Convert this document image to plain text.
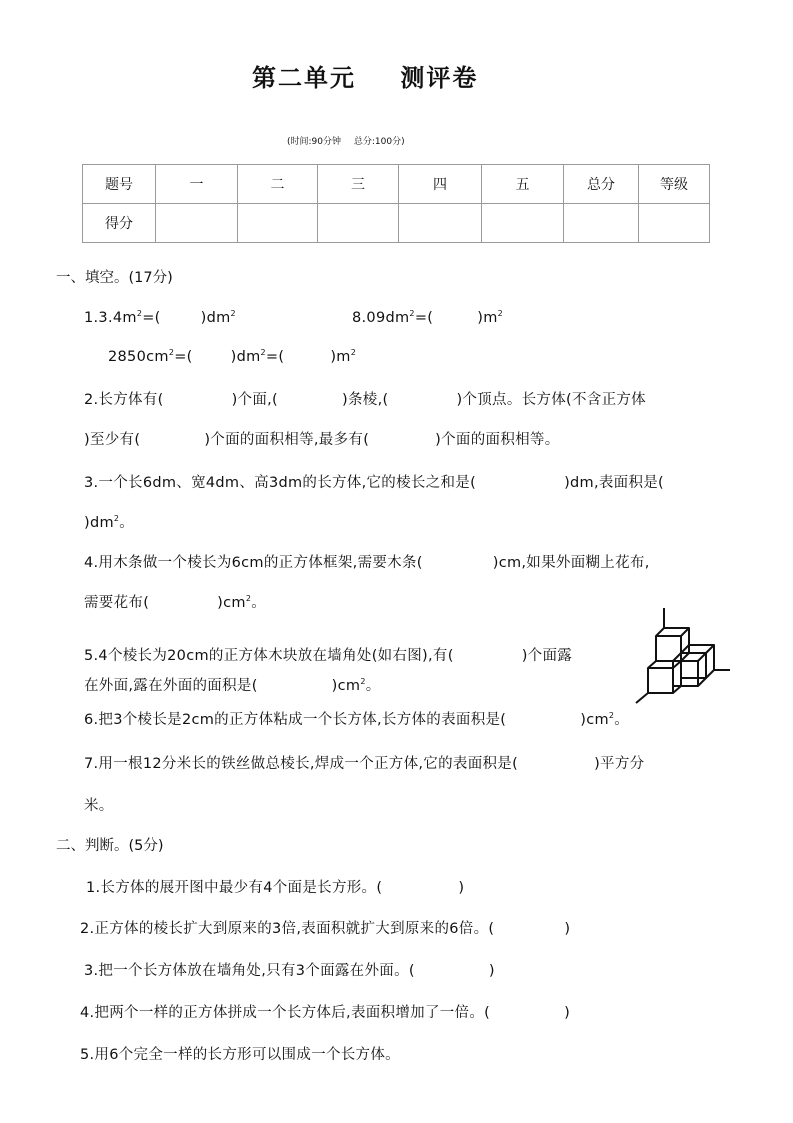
第二单元 测评卷
(时间:90分钟 总分:100分)
题号	一	二	三	四	五	总分	等级
得分							
一、填空。(17分)
$1.3.4m^2=$(	)$dm^2$	$8.09dm^2=$(	)$m^2$
$2850cm^2=$(	)$dm^2=$(	)$m^2$
2.长方体有(	)个面,(	)条棱,(	)个顶点。长方体(不含正方体
)至少有(	)个面的面积相等,最多有(	)个面的面积相等。
3.一个长6dm、宽4dm、高3dm的长方体,它的棱长之和是(	)dm,表面积是(
)$dm^2$。
4.用木条做一个棱长为6cm的正方体框架,需要木条(	)cm,如果外面糊上花布,
需要花布(	)$cm^2$。
5.4个棱长为20cm的正方体木块放在墙角处(如右图),有(	)个面露
在外面,露在外面的面积是(	)$cm^2$。
6.把3个棱长是2cm的正方体粘成一个长方体,长方体的表面积是(	)$cm^2$。
7.用一根12分米长的铁丝做总棱长,焊成一个正方体,它的表面积是(	)平方分
米。
二、判断。(5分)
1.长方体的展开图中最少有4个面是长方形。(	)
2.正方体的棱长扩大到原来的3倍,表面积就扩大到原来的6倍。(	)
3.把一个长方体放在墙角处,只有3个面露在外面。(	)
4.把两个一样的正方体拼成一个长方体后,表面积增加了一倍。(	)
5.用6个完全一样的长方形可以围成一个长方体。
